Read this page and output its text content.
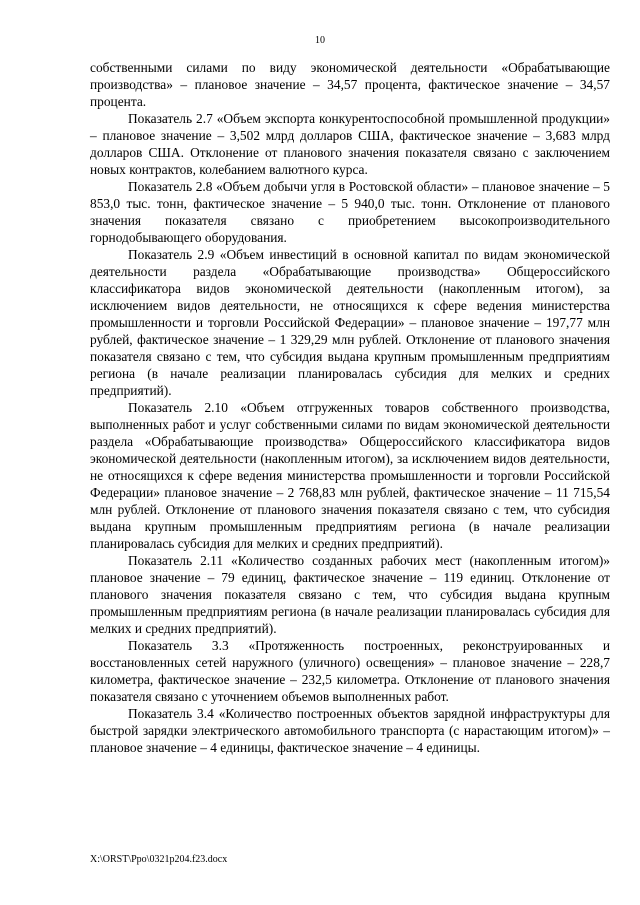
10

собственными силами по виду экономической деятельности «Обрабатывающие производства» – плановое значение – 34,57 процента, фактическое значение – 34,57 процента.

Показатель 2.7 «Объем экспорта конкурентоспособной промышленной продукции» – плановое значение – 3,502 млрд долларов США, фактическое значение – 3,683 млрд долларов США. Отклонение от планового значения показателя связано с заключением новых контрактов, колебанием валютного курса.

Показатель 2.8 «Объем добычи угля в Ростовской области» – плановое значение – 5 853,0 тыс. тонн, фактическое значение – 5 940,0 тыс. тонн. Отклонение от планового значения показателя связано с приобретением высокопроизводительного горнодобывающего оборудования.

Показатель 2.9 «Объем инвестиций в основной капитал по видам экономической деятельности раздела «Обрабатывающие производства» Общероссийского классификатора видов экономической деятельности (накопленным итогом), за исключением видов деятельности, не относящихся к сфере ведения министерства промышленности и торговли Российской Федерации» – плановое значение – 197,77 млн рублей, фактическое значение – 1 329,29 млн рублей. Отклонение от планового значения показателя связано с тем, что субсидия выдана крупным промышленным предприятиям региона (в начале реализации планировалась субсидия для мелких и средних предприятий).

Показатель 2.10 «Объем отгруженных товаров собственного производства, выполненных работ и услуг собственными силами по видам экономической деятельности раздела «Обрабатывающие производства» Общероссийского классификатора видов экономической деятельности (накопленным итогом), за исключением видов деятельности, не относящихся к сфере ведения министерства промышленности и торговли Российской Федерации» плановое значение – 2 768,83 млн рублей, фактическое значение – 11 715,54 млн рублей. Отклонение от планового значения показателя связано с тем, что субсидия выдана крупным промышленным предприятиям региона (в начале реализации планировалась субсидия для мелких и средних предприятий).

Показатель 2.11 «Количество созданных рабочих мест (накопленным итогом)» плановое значение – 79 единиц, фактическое значение – 119 единиц. Отклонение от планового значения показателя связано с тем, что субсидия выдана крупным промышленным предприятиям региона (в начале реализации планировалась субсидия для мелких и средних предприятий).

Показатель 3.3 «Протяженность построенных, реконструированных и восстановленных сетей наружного (уличного) освещения» – плановое значение – 228,7 километра, фактическое значение – 232,5 километра. Отклонение от планового значения показателя связано с уточнением объемов выполненных работ.

Показатель 3.4 «Количество построенных объектов зарядной инфраструктуры для быстрой зарядки электрического автомобильного транспорта (с нарастающим итогом)» – плановое значение – 4 единицы, фактическое значение – 4 единицы.

X:\ORST\Ppo\0321p204.f23.docx
